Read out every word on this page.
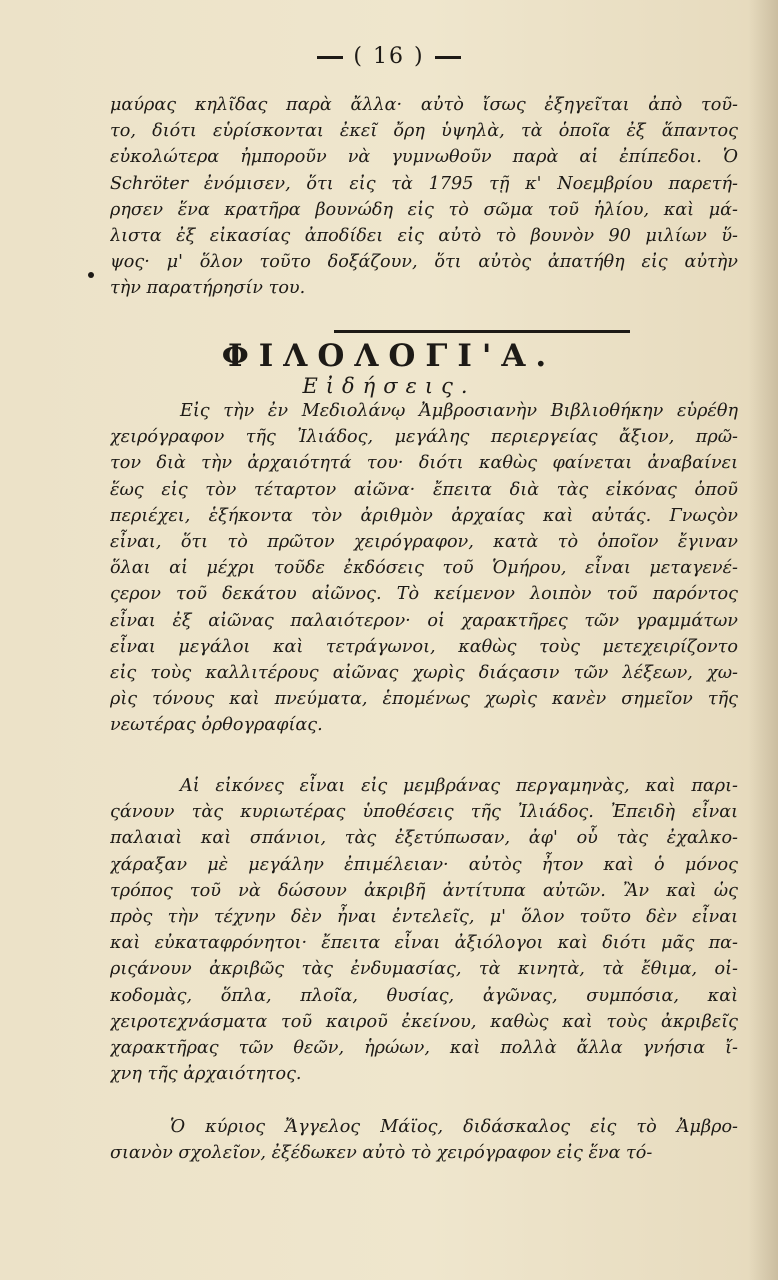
( 16 )
μαύρας κηλῖδας παρὰ ἄλλα· αὐτὸ ἴσως ἐξηγεῖται ἀπὸ τοῦ-
το, διότι εὑρίσκονται ἐκεῖ ὄρη ὑψηλὰ, τὰ ὁποῖα ἐξ ἅπαντος
εὐκολώτερα ἠμποροῦν νὰ γυμνωθοῦν παρὰ αἱ ἐπίπεδοι. Ὁ
Schröter ἐνόμισεν, ὅτι εἰς τὰ 1795 τῇ κ' Νοεμβρίου παρετή-
ρησεν ἕνα κρατῆρα βουνώδη εἰς τὸ σῶμα τοῦ ἡλίου, καὶ μά-
λιστα ἐξ εἰκασίας ἀποδίδει εἰς αὐτὸ τὸ βουνὸν 90 μιλίων ὕ-
ψος· μ' ὅλον τοῦτο δοξάζουν, ὅτι αὐτὸς ἀπατήθη εἰς αὐτὴν
τὴν παρατήρησίν του.
ΦΙΛΟΛΟΓΙ'Α.
Εἰδήσεις.
Εἰς τὴν ἐν Μεδιολάνῳ Ἀμβροσιανὴν Βιβλιοθήκην εὑρέθη
χειρόγραφον τῆς Ἰλιάδος, μεγάλης περιεργείας ἄξιον, πρῶ-
τον διὰ τὴν ἀρχαιότητά του· διότι καθὼς φαίνεται ἀναβαίνει
ἕως εἰς τὸν τέταρτον αἰῶνα· ἔπειτα διὰ τὰς εἰκόνας ὁποῦ
περιέχει, ἑξήκοντα τὸν ἀριθμὸν ἀρχαίας καὶ αὐτάς. Γνωςὸν
εἶναι, ὅτι τὸ πρῶτον χειρόγραφον, κατὰ τὸ ὁποῖον ἔγιναν
ὅλαι αἱ μέχρι τοῦδε ἐκδόσεις τοῦ Ὁμήρου, εἶναι μεταγενέ-
ςερον τοῦ δεκάτου αἰῶνος. Τὸ κείμενον λοιπὸν τοῦ παρόντος
εἶναι ἐξ αἰῶνας παλαιότερον· οἱ χαρακτῆρες τῶν γραμμάτων
εἶναι μεγάλοι καὶ τετράγωνοι, καθὼς τοὺς μετεχειρίζοντο
εἰς τοὺς καλλιτέρους αἰῶνας χωρὶς διάςασιν τῶν λέξεων, χω-
ρὶς τόνους καὶ πνεύματα, ἑπομένως χωρὶς κανὲν σημεῖον τῆς
νεωτέρας ὀρθογραφίας.
Αἱ εἰκόνες εἶναι εἰς μεμβράνας περγαμηνὰς, καὶ παρι-
ςάνουν τὰς κυριωτέρας ὑποθέσεις τῆς Ἰλιάδος. Ἐπειδὴ εἶναι
παλαιαὶ καὶ σπάνιοι, τὰς ἐξετύπωσαν, ἀφ' οὗ τὰς ἐχαλκο-
χάραξαν μὲ μεγάλην ἐπιμέλειαν· αὐτὸς ἦτον καὶ ὁ μόνος
τρόπος τοῦ νὰ δώσουν ἀκριβῆ ἀντίτυπα αὐτῶν. Ἂν καὶ ὡς
πρὸς τὴν τέχνην δὲν ἦναι ἐντελεῖς, μ' ὅλον τοῦτο δὲν εἶναι
καὶ εὐκαταφρόνητοι· ἔπειτα εἶναι ἀξιόλογοι καὶ διότι μᾶς πα-
ριςάνουν ἀκριβῶς τὰς ἐνδυμασίας, τὰ κινητὰ, τὰ ἔθιμα, οἰ-
κοδομὰς, ὅπλα, πλοῖα, θυσίας, ἀγῶνας, συμπόσια, καὶ
χειροτεχνάσματα τοῦ καιροῦ ἐκείνου, καθὼς καὶ τοὺς ἀκριβεῖς
χαρακτῆρας τῶν θεῶν, ἡρώων, καὶ πολλὰ ἄλλα γνήσια ἴ-
χνη τῆς ἀρχαιότητος.
Ὁ κύριος Ἄγγελος Μάϊος, διδάσκαλος εἰς τὸ Ἀμβρο-
σιανὸν σχολεῖον, ἐξέδωκεν αὐτὸ τὸ χειρόγραφον εἰς ἕνα τό-
